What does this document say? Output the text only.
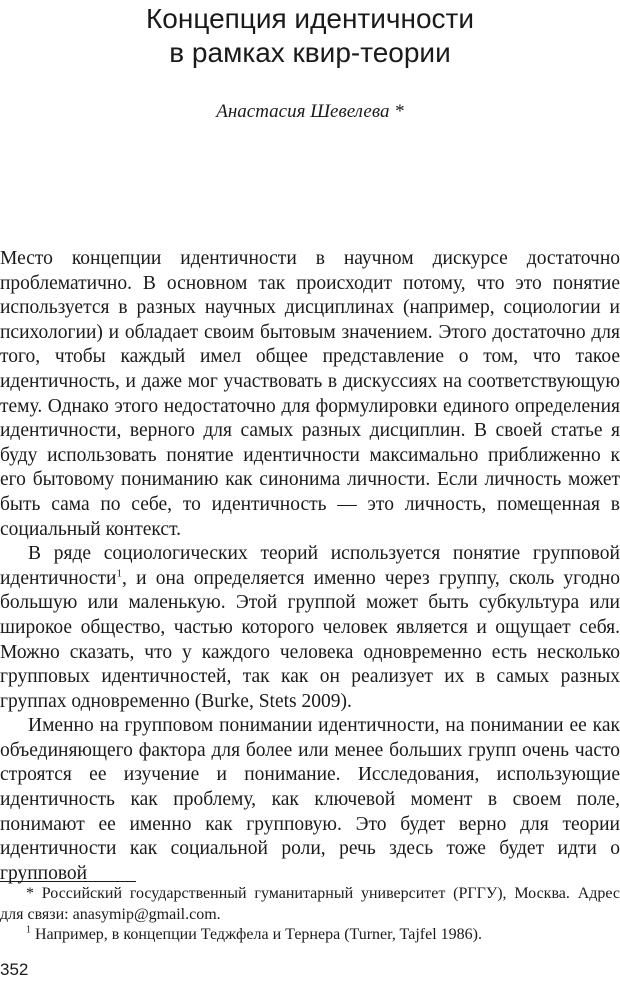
Концепция идентичности
в рамках квир-теории
Анастасия Шевелева *

Место концепции идентичности в научном дискурсе достаточно проблематично. В основном так происходит потому, что это понятие используется в разных научных дисциплинах (например, социологии и психологии) и обладает своим бытовым значением. Этого достаточно для того, чтобы каждый имел общее представление о том, что такое идентичность, и даже мог участвовать в дискуссиях на соответствующую тему. Однако этого недостаточно для формулировки единого определения идентичности, верного для самых разных дисциплин. В своей статье я буду использовать понятие идентичности максимально приближенно к его бытовому пониманию как синонима личности. Если личность может быть сама по себе, то идентичность — это личность, помещенная в социальный контекст.

В ряде социологических теорий используется понятие групповой идентичности$^1$, и она определяется именно через группу, сколь угодно большую или маленькую. Этой группой может быть субкультура или широкое общество, частью которого человек является и ощущает себя. Можно сказать, что у каждого человека одновременно есть несколько групповых идентичностей, так как он реализует их в самых разных группах одновременно (Burke, Stets 2009).

Именно на групповом понимании идентичности, на понимании ее как объединяющего фактора для более или менее больших групп очень часто строятся ее изучение и понимание. Исследования, использующие идентичность как проблему, как ключевой момент в своем поле, понимают ее именно как групповую. Это будет верно для теории идентичности как социальной роли, речь здесь тоже будет идти о групповой

* Российский государственный гуманитарный университет (РГГУ), Москва. Адрес для связи: anasymip@gmail.com.

$^1$ Например, в концепции Теджфела и Тернера (Turner, Tajfel 1986).

352
